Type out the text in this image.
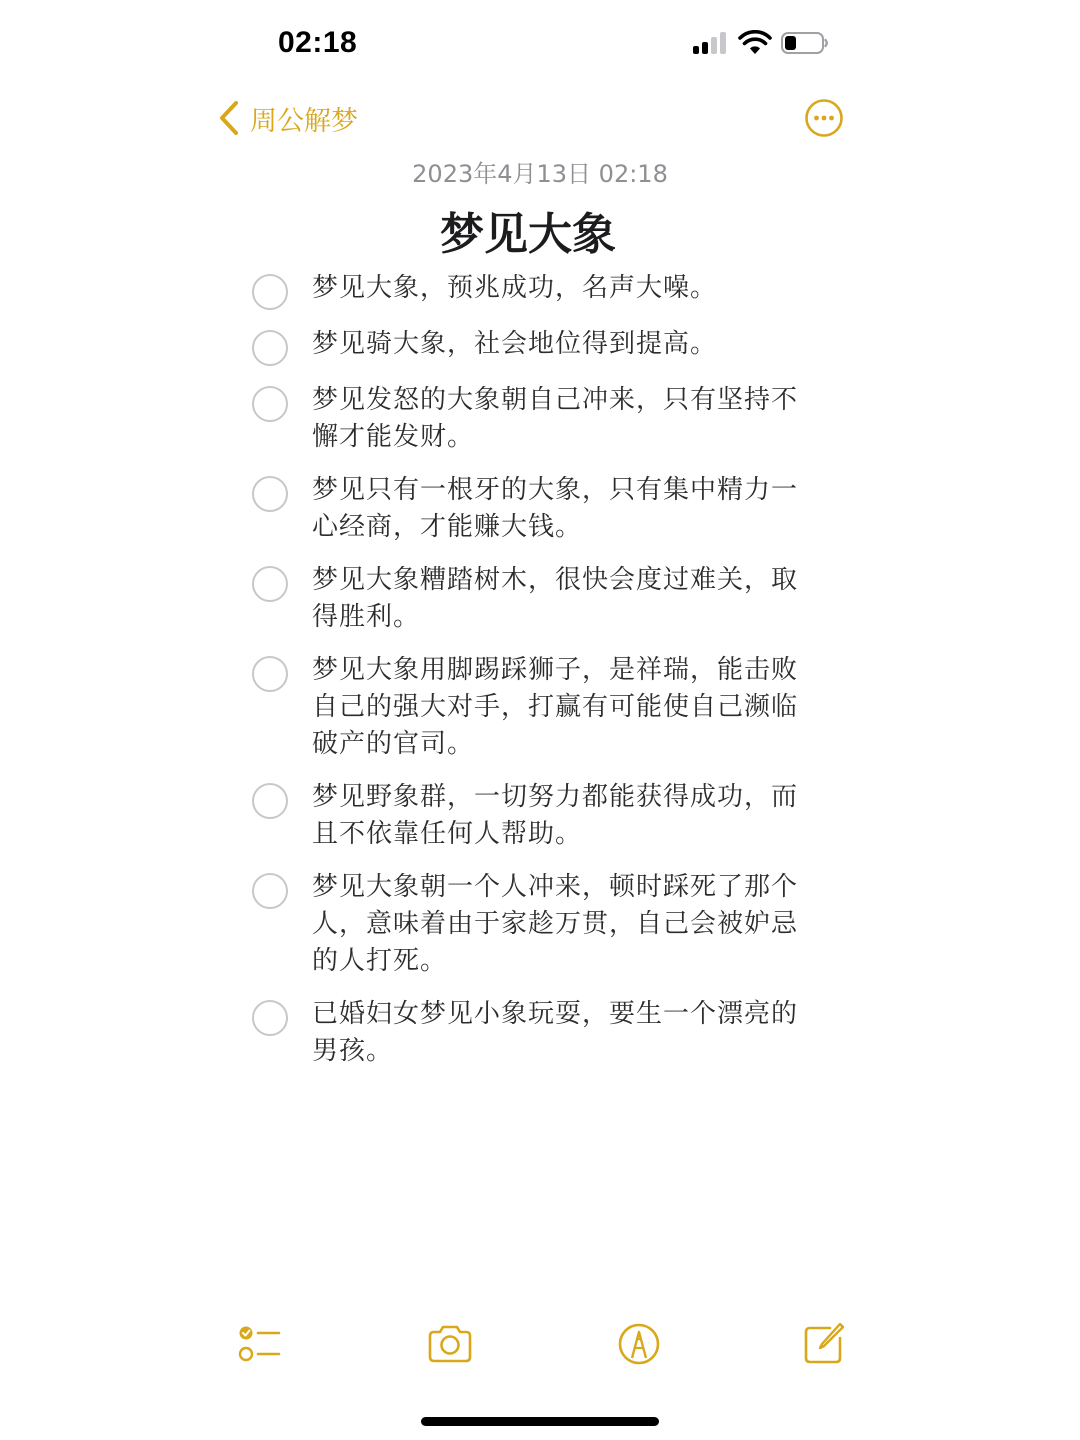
02:18
周公解梦
2023年4月13日 02:18
梦见大象
梦见大象，预兆成功，名声大噪。
梦见骑大象，社会地位得到提高。
梦见发怒的大象朝自己冲来，只有坚持不懈才能发财。
梦见只有一根牙的大象，只有集中精力一心经商，才能赚大钱。
梦见大象糟踏树木，很快会度过难关，取得胜利。
梦见大象用脚踢踩狮子，是祥瑞，能击败自己的强大对手，打赢有可能使自己濒临破产的官司。
梦见野象群，一切努力都能获得成功，而且不依靠任何人帮助。
梦见大象朝一个人冲来，顿时踩死了那个人，意味着由于家趁万贯，自己会被妒忌的人打死。
已婚妇女梦见小象玩耍，要生一个漂亮的男孩。
